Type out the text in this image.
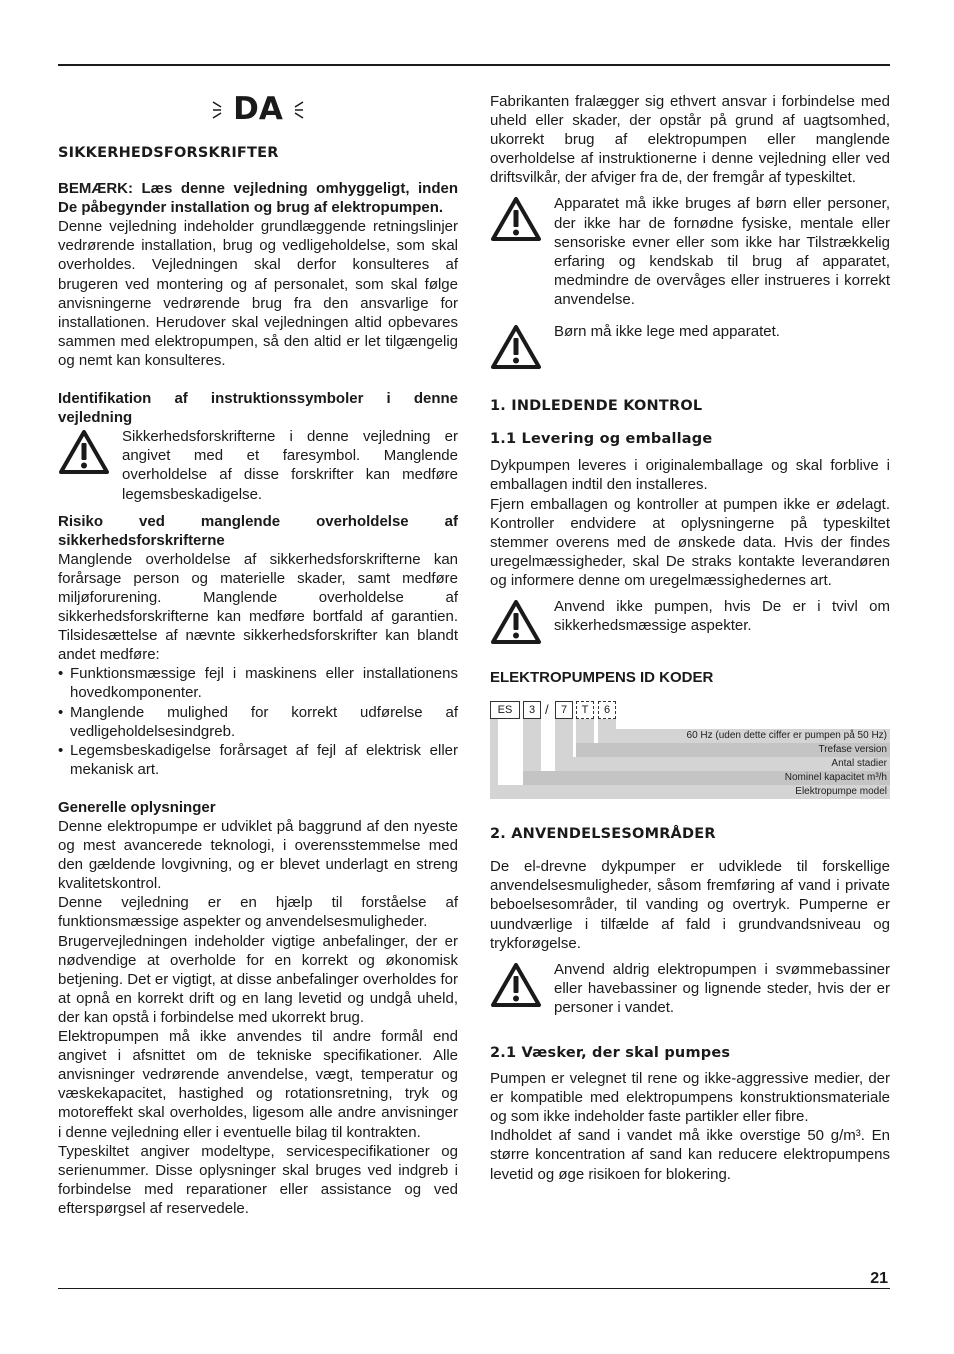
DA
SIKKERHEDSFORSKRIFTER

BEMÆRK: Læs denne vejledning omhyggeligt, inden De påbegynder installation og brug af elektropumpen.

Denne vejledning indeholder grundlæggende retningslinjer vedrørende installation, brug og vedligeholdelse, som skal overholdes. Vejledningen skal derfor konsulteres af brugeren ved montering og af personalet, som skal følge anvisningerne vedrørende brug fra den ansvarlige for installationen. Herudover skal vejledningen altid opbevares sammen med elektropumpen, så den altid er let tilgængelig og nemt kan konsulteres.

Identifikation af instruktionssymboler i denne vejledning

Sikkerhedsforskrifterne i denne vejledning er angivet med et faresymbol. Manglende overholdelse af disse forskrifter kan medføre legemsbeskadigelse.

Risiko ved manglende overholdelse af sikkerhedsforskrifterne

Manglende overholdelse af sikkerhedsforskrifterne kan forårsage person og materielle skader, samt medføre miljøforurening. Manglende overholdelse af sikkerhedsforskrifterne kan medføre bortfald af garantien. Tilsidesættelse af nævnte sikkerhedsforskrifter kan blandt andet medføre:

• Funktionsmæssige fejl i maskinens eller installationens hovedkomponenter.
• Manglende mulighed for korrekt udførelse af vedligeholdelsesindgreb.
• Legemsbeskadigelse forårsaget af fejl af elektrisk eller mekanisk art.

Generelle oplysninger

Denne elektropumpe er udviklet på baggrund af den nyeste og mest avancerede teknologi, i overensstemmelse med den gældende lovgivning, og er blevet underlagt en streng kvalitetskontrol.

Denne vejledning er en hjælp til forståelse af funktionsmæssige aspekter og anvendelsesmuligheder.

Brugervejledningen indeholder vigtige anbefalinger, der er nødvendige at overholde for en korrekt og økonomisk betjening. Det er vigtigt, at disse anbefalinger overholdes for at opnå en korrekt drift og en lang levetid og undgå uheld, der kan opstå i forbindelse med ukorrekt brug.

Elektropumpen må ikke anvendes til andre formål end angivet i afsnittet om de tekniske specifikationer. Alle anvisninger vedrørende anvendelse, vægt, temperatur og væskekapacitet, hastighed og rotationsretning, tryk og motoreffekt skal overholdes, ligesom alle andre anvisninger i denne vejledning eller i eventuelle bilag til kontrakten.

Typeskiltet angiver modeltype, servicespecifikationer og serienummer. Disse oplysninger skal bruges ved indgreb i forbindelse med reparationer eller assistance og ved efterspørgsel af reservedele.

Fabrikanten fralægger sig ethvert ansvar i forbindelse med uheld eller skader, der opstår på grund af uagtsomhed, ukorrekt brug af elektropumpen eller manglende overholdelse af instruktionerne i denne vejledning eller ved driftsvilkår, der afviger fra de, der fremgår af typeskiltet.

Apparatet må ikke bruges af børn eller personer, der ikke har de fornødne fysiske, mentale eller sensoriske evner eller som ikke har Tilstrækkelig erfaring og kendskab til brug af apparatet, medmindre de overvåges eller instrueres i korrekt anvendelse.
Børn må ikke lege med apparatet.
1. INDLEDENDE KONTROL
1.1 Levering og emballage

Dykpumpen leveres i originalemballage og skal forblive i emballagen indtil den installeres.

Fjern emballagen og kontroller at pumpen ikke er ødelagt. Kontroller endvidere at oplysningerne på typeskiltet stemmer overens med de ønskede data. Hvis der findes uregelmæssigheder, skal De straks kontakte leverandøren og informere denne om uregelmæssighedernes art.

Anvend ikke pumpen, hvis De er i tvivl om sikkerhedsmæssige aspekter.

ELEKTROPUMPENS ID KODER

ES	3 /	7	T	6
60 Hz (uden dette ciffer er pumpen på 50 Hz)
Trefase version
Antal stadier
Nominel kapacitet m³/h
Elektropumpe model
2. ANVENDELSESOMRÅDER

De el-drevne dykpumper er udviklede til forskellige anvendelsesmuligheder, såsom fremføring af vand i private beboelsesområder, til vanding og overtryk. Pumperne er uundværlige i tilfælde af fald i grundvandsniveau og trykforøgelse.

Anvend aldrig elektropumpen i svømmebassiner eller havebassiner og lignende steder, hvis der er personer i vandet.
2.1 Væsker, der skal pumpes

Pumpen er velegnet til rene og ikke-aggressive medier, der er kompatible med elektropumpens konstruktionsmateriale og som ikke indeholder faste partikler eller fibre.

Indholdet af sand i vandet må ikke overstige 50 g/m³. En større koncentration af sand kan reducere elektropumpens levetid og øge risikoen for blokering.

21
